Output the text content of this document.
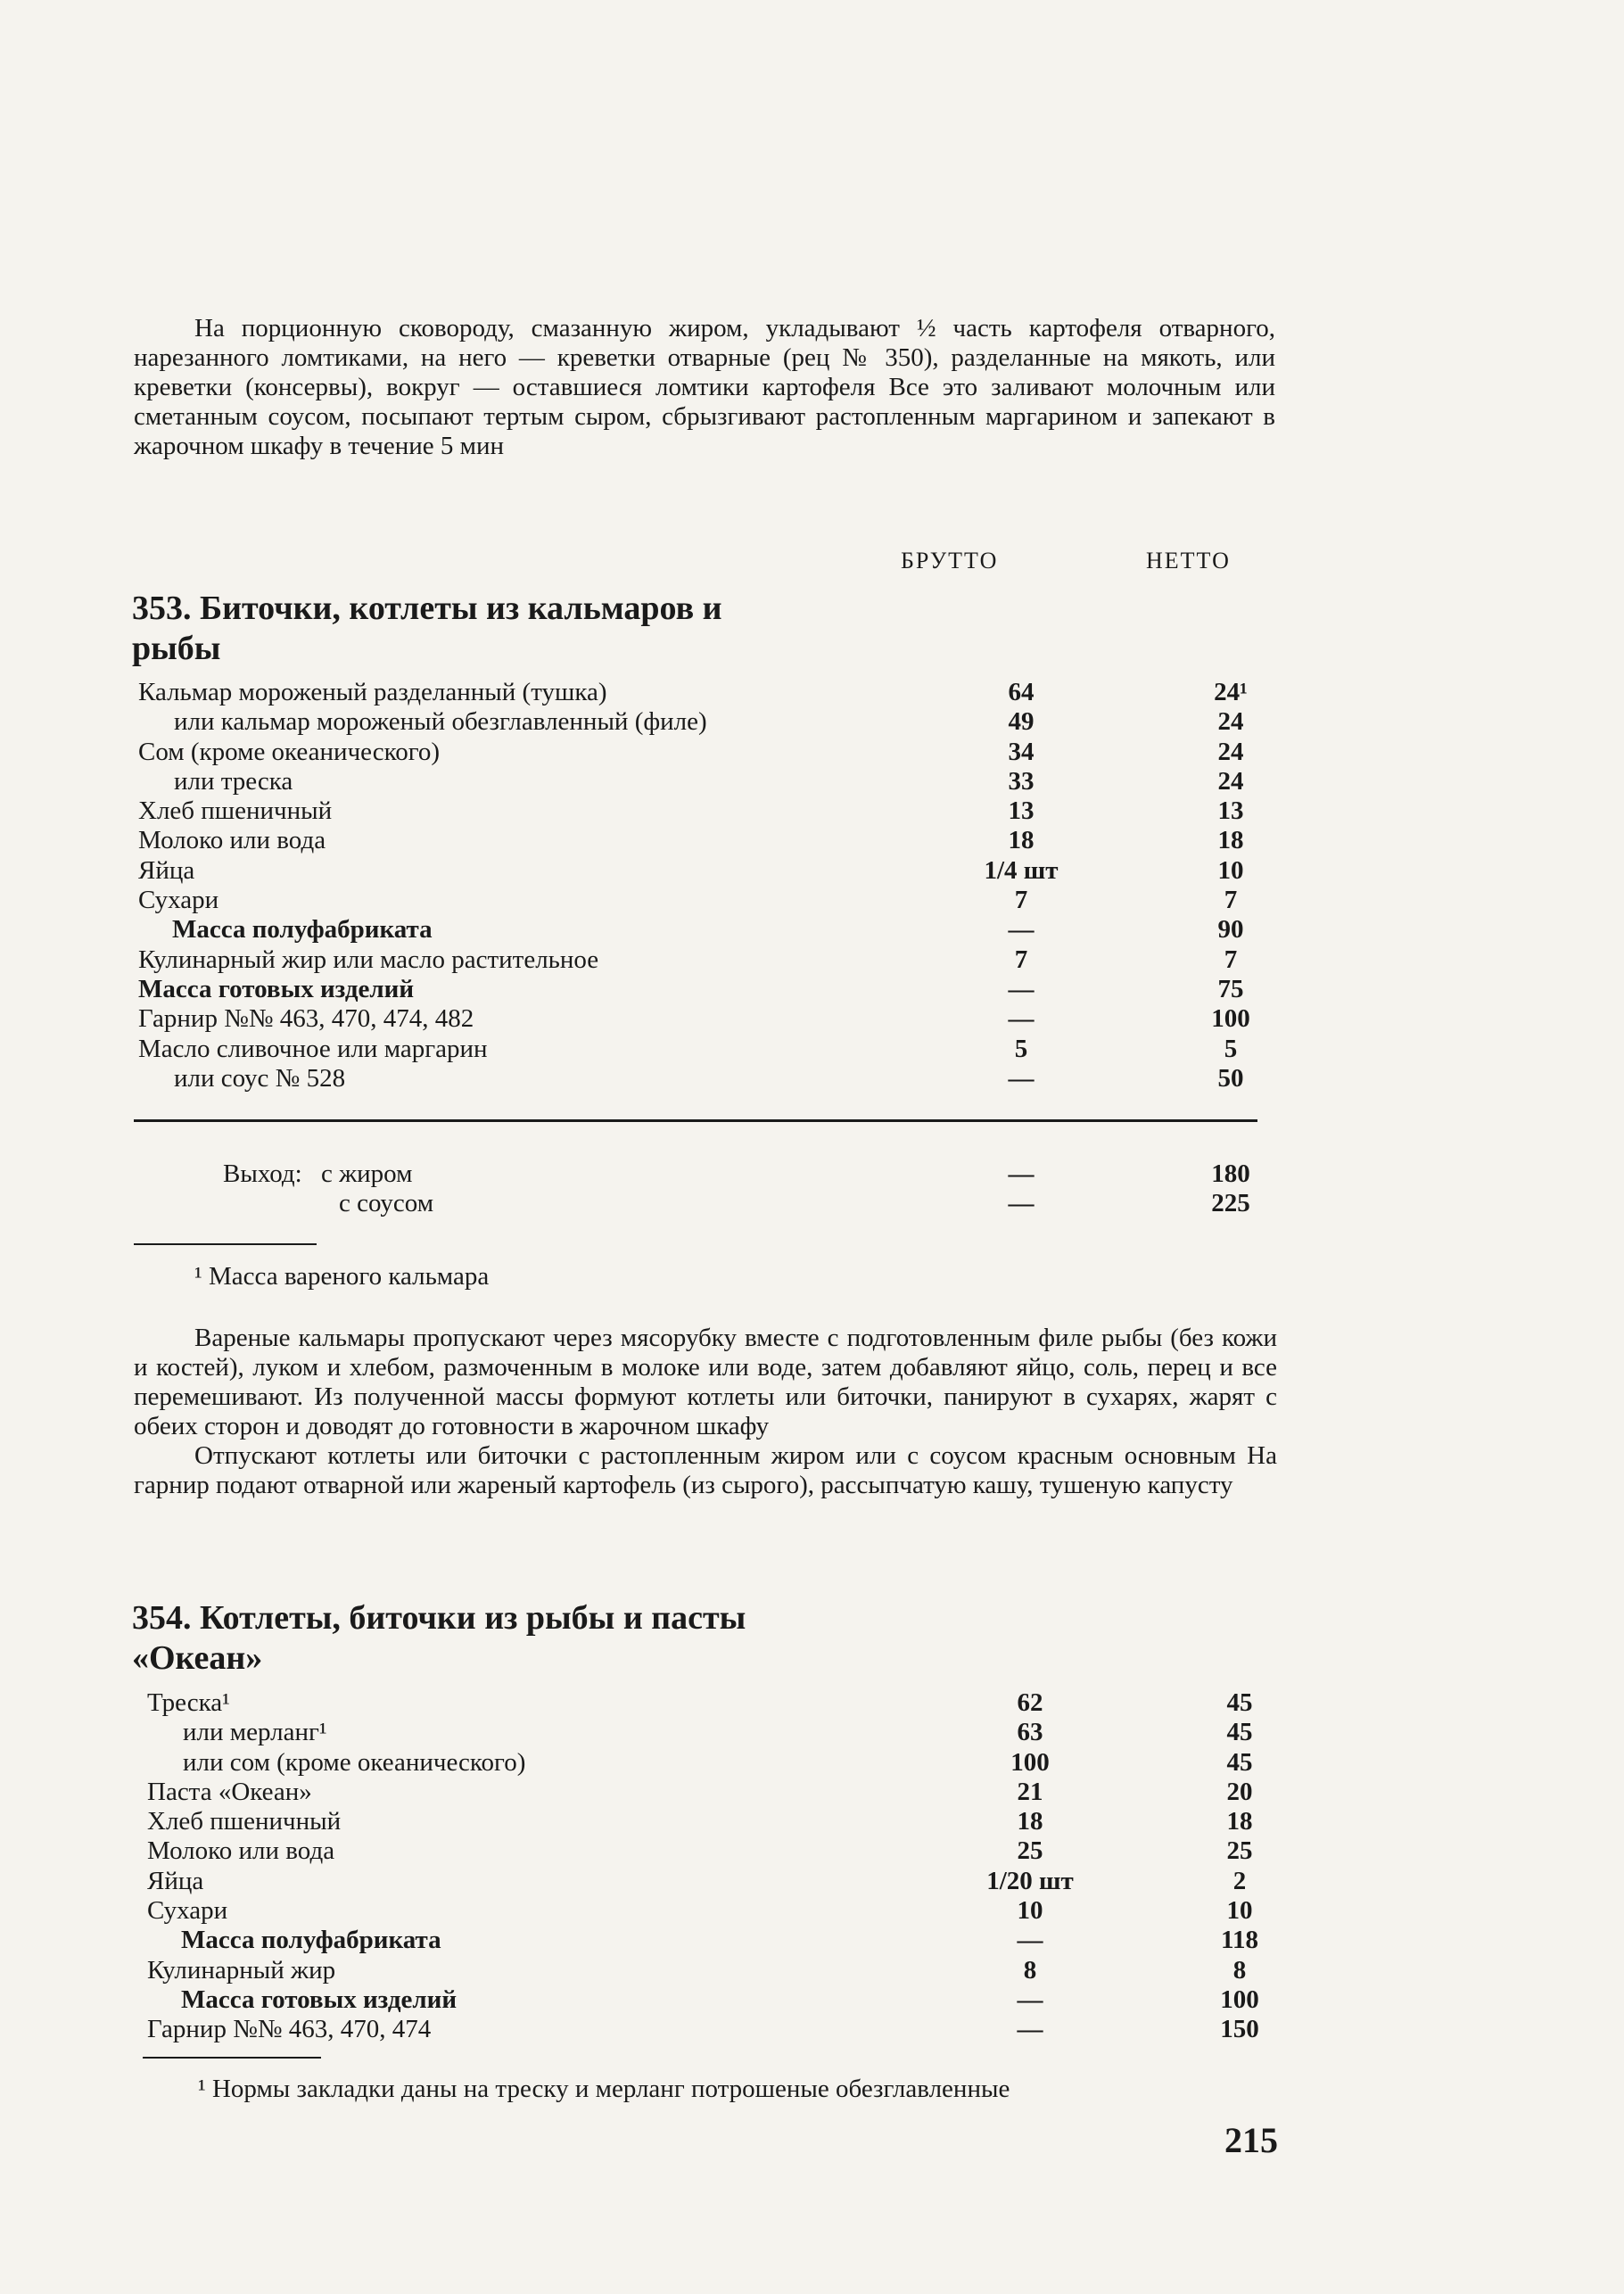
На порционную сковороду, смазанную жиром, укладывают ½ часть картофеля отварного, нарезанного ломтиками, на него — креветки отварные (рец № 350), разделанные на мякоть, или креветки (консервы), вокруг — оставшиеся ломтики картофеля Все это заливают молочным или сметанным соусом, посыпают тертым сыром, сбрызгивают растопленным маргарином и запекают в жарочном шкафу в течение 5 мин

БРУТТО	НЕТТО
353. Биточки, котлеты из кальмаров и
рыбы
Кальмар мороженый разделанный (тушка)	64	24¹
или кальмар мороженый обезглавленный (филе)	49	24
Сом (кроме океанического)	34	24
или треска	33	24
Хлеб пшеничный	13	13
Молоко или вода	18	18
Яйца	1/4 шт	10
Сухари	7	7
Масса полуфабриката	—	90
Кулинарный жир или масло растительное	7	7
Масса готовых изделий	—	75
Гарнир №№ 463, 470, 474, 482	—	100
Масло сливочное или маргарин	5	5
или соус № 528	—	50
Выход: с жиром	—	180
с соусом	—	225
¹ Масса вареного кальмара

Вареные кальмары пропускают через мясорубку вместе с подготовленным филе рыбы (без кожи и костей), луком и хлебом, размоченным в молоке или воде, затем добавляют яйцо, соль, перец и все перемешивают. Из полученной массы формуют котлеты или биточки, панируют в сухарях, жарят с обеих сторон и доводят до готовности в жарочном шкафу

Отпускают котлеты или биточки с растопленным жиром или с соусом красным основным На гарнир подают отварной или жареный картофель (из сырого), рассыпчатую кашу, тушеную капусту

354. Котлеты, биточки из рыбы и пасты
«Океан»
Треска¹	62	45
или мерланг¹	63	45
или сом (кроме океанического)	100	45
Паста «Океан»	21	20
Хлеб пшеничный	18	18
Молоко или вода	25	25
Яйца	1/20 шт	2
Сухари	10	10
Масса полуфабриката	—	118
Кулинарный жир	8	8
Масса готовых изделий	—	100
Гарнир №№ 463, 470, 474	—	150
¹ Нормы закладки даны на треску и мерланг потрошеные обезглавленные
215
